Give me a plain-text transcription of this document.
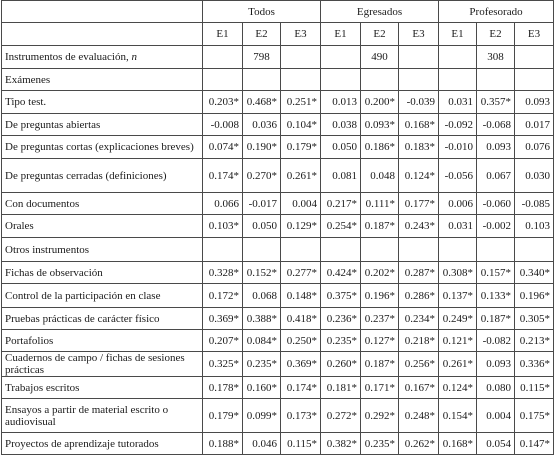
	Todos			Egresados			Profesorado		
	E1	E2	E3	E1	E2	E3	E1	E2	E3
Instrumentos de evaluación, n		798			490			308	
Exámenes									
Tipo test.	0.203*	0.468*	0.251*	0.013	0.200*	-0.039	0.031	0.357*	0.093
De preguntas abiertas	-0.008	0.036	0.104*	0.038	0.093*	0.168*	-0.092	-0.068	0.017
De preguntas cortas (explicaciones breves)	0.074*	0.190*	0.179*	0.050	0.186*	0.183*	-0.010	0.093	0.076
De preguntas cerradas (definiciones)	0.174*	0.270*	0.261*	0.081	0.048	0.124*	-0.056	0.067	0.030
Con documentos	0.066	-0.017	0.004	0.217*	0.111*	0.177*	0.006	-0.060	-0.085
Orales	0.103*	0.050	0.129*	0.254*	0.187*	0.243*	0.031	-0.002	0.103
Otros instrumentos									
Fichas de observación	0.328*	0.152*	0.277*	0.424*	0.202*	0.287*	0.308*	0.157*	0.340*
Control de la participación en clase	0.172*	0.068	0.148*	0.375*	0.196*	0.286*	0.137*	0.133*	0.196*
Pruebas prácticas de carácter físico	0.369*	0.388*	0.418*	0.236*	0.237*	0.234*	0.249*	0.187*	0.305*
Portafolios	0.207*	0.084*	0.250*	0.235*	0.127*	0.218*	0.121*	-0.082	0.213*
Cuadernos de campo / fichas de sesiones prácticas	0.325*	0.235*	0.369*	0.260*	0.187*	0.256*	0.261*	0.093	0.336*
Trabajos escritos	0.178*	0.160*	0.174*	0.181*	0.171*	0.167*	0.124*	0.080	0.115*
Ensayos a partir de material escrito o audiovisual	0.179*	0.099*	0.173*	0.272*	0.292*	0.248*	0.154*	0.004	0.175*
Proyectos de aprendizaje tutorados	0.188*	0.046	0.115*	0.382*	0.235*	0.262*	0.168*	0.054	0.147*
